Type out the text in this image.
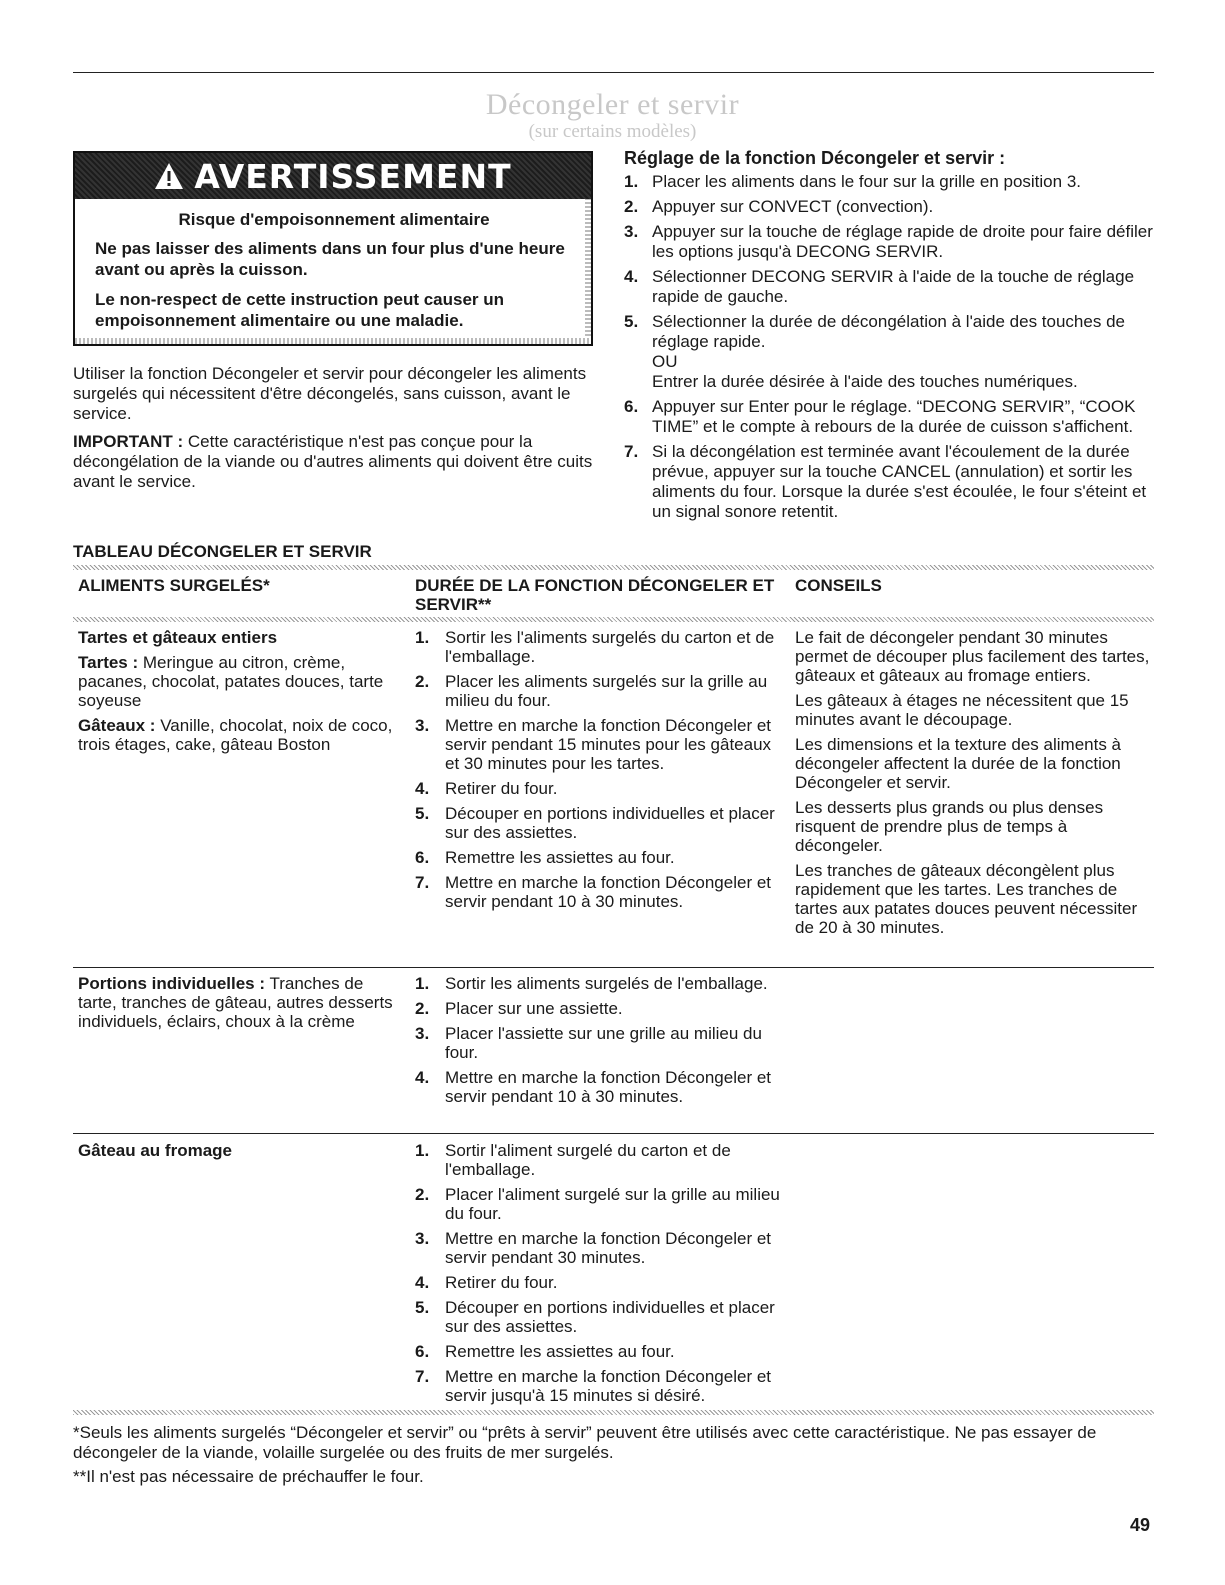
Décongeler et servir
(sur certains modèles)
AVERTISSEMENT
Risque d'empoisonnement alimentaire

Ne pas laisser des aliments dans un four plus d'une heure avant ou après la cuisson.

Le non-respect de cette instruction peut causer un empoisonnement alimentaire ou une maladie.

Utiliser la fonction Décongeler et servir pour décongeler les aliments surgelés qui nécessitent d'être décongelés, sans cuisson, avant le service.

IMPORTANT : Cette caractéristique n'est pas conçue pour la décongélation de la viande ou d'autres aliments qui doivent être cuits avant le service.

Réglage de la fonction Décongeler et servir :
1. Placer les aliments dans le four sur la grille en position 3.
2. Appuyer sur CONVECT (convection).
3. Appuyer sur la touche de réglage rapide de droite pour faire défiler les options jusqu'à DECONG SERVIR.
4. Sélectionner DECONG SERVIR à l'aide de la touche de réglage rapide de gauche.
5. Sélectionner la durée de décongélation à l'aide des touches de réglage rapide.
OU
Entrer la durée désirée à l'aide des touches numériques.
6. Appuyer sur Enter pour le réglage. “DECONG SERVIR”, “COOK TIME” et le compte à rebours de la durée de cuisson s'affichent.
7. Si la décongélation est terminée avant l'écoulement de la durée prévue, appuyer sur la touche CANCEL (annulation) et sortir les aliments du four. Lorsque la durée s'est écoulée, le four s'éteint et un signal sonore retentit.
TABLEAU DÉCONGELER ET SERVIR
ALIMENTS SURGELÉS*	DURÉE DE LA FONCTION DÉCONGELER ET SERVIR**
CONSEILS

Tartes et gâteaux entiers

Tartes : Meringue au citron, crème, pacanes, chocolat, patates douces, tarte soyeuse

Gâteaux : Vanille, chocolat, noix de coco, trois étages, cake, gâteau Boston

1. Sortir les l'aliments surgelés du carton et de l'emballage.
2. Placer les aliments surgelés sur la grille au milieu du four.
3. Mettre en marche la fonction Décongeler et servir pendant 15 minutes pour les gâteaux et 30 minutes pour les tartes.
4. Retirer du four.
5. Découper en portions individuelles et placer sur des assiettes.
6. Remettre les assiettes au four.
7. Mettre en marche la fonction Décongeler et servir pendant 10 à 30 minutes.

Le fait de décongeler pendant 30 minutes permet de découper plus facilement des tartes, gâteaux et gâteaux au fromage entiers.

Les gâteaux à étages ne nécessitent que 15 minutes avant le découpage.

Les dimensions et la texture des aliments à décongeler affectent la durée de la fonction Décongeler et servir.

Les desserts plus grands ou plus denses risquent de prendre plus de temps à décongeler.

Les tranches de gâteaux décongèlent plus rapidement que les tartes. Les tranches de tartes aux patates douces peuvent nécessiter de 20 à 30 minutes.

Portions individuelles : Tranches de tarte, tranches de gâteau, autres desserts individuels, éclairs, choux à la crème

1. Sortir les aliments surgelés de l'emballage.
2. Placer sur une assiette.
3. Placer l'assiette sur une grille au milieu du four.
4. Mettre en marche la fonction Décongeler et servir pendant 10 à 30 minutes.

Gâteau au fromage	1. Sortir l'aliment surgelé du carton et de l'emballage.
2. Placer l'aliment surgelé sur la grille au milieu du four.
3. Mettre en marche la fonction Décongeler et servir pendant 30 minutes.
4. Retirer du four.
5. Découper en portions individuelles et placer sur des assiettes.
6. Remettre les assiettes au four.
7. Mettre en marche la fonction Décongeler et servir jusqu'à 15 minutes si désiré.
*Seuls les aliments surgelés “Décongeler et servir” ou “prêts à servir” peuvent être utilisés avec cette caractéristique. Ne pas essayer de décongeler de la viande, volaille surgelée ou des fruits de mer surgelés.
**Il n'est pas nécessaire de préchauffer le four.
49
